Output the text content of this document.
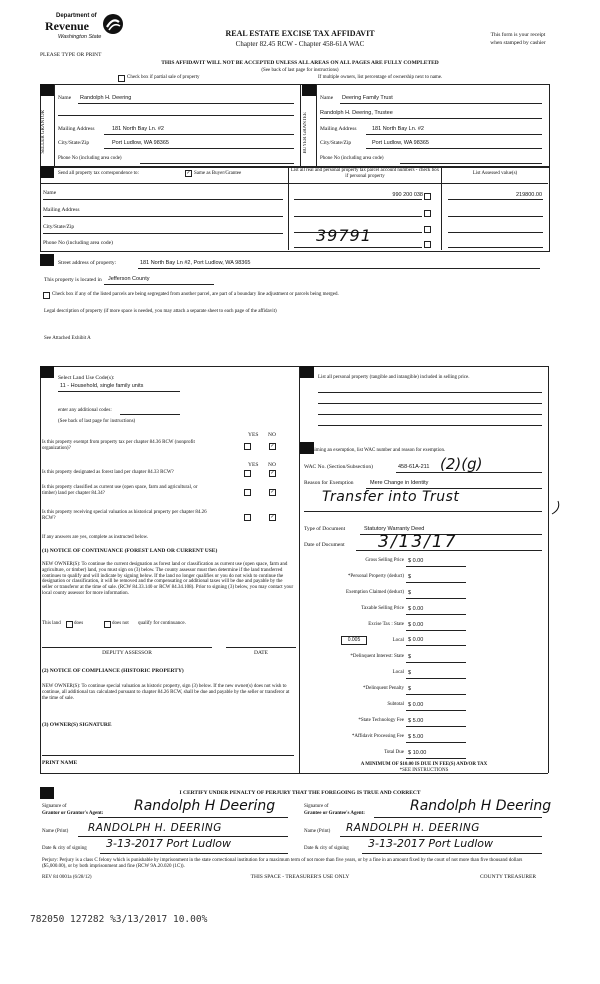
Department of
Revenue
Washington State	REAL ESTATE EXCISE TAX AFFIDAVIT
Chapter 82.45 RCW - Chapter 458-61A WAC
This form is your receipt
when stamped by cashier
PLEASE TYPE OR PRINT
THIS AFFIDAVIT WILL NOT BE ACCEPTED UNLESS ALL AREAS ON ALL PAGES ARE FULLY COMPLETED
(See back of last page for instructions)
Check box if partial sale of property	If multiple owners, list percentage of ownership next to name.
SELLER GRANTOR	BUYER GRANTEE
Name Randolph H. Deering
Mailing Address	181 North Bay Ln. #2
City/State/Zip	Port Ludlow, WA 98365
Phone No (including area code)
Name Deering Family Trust
Randolph H. Deering, Trustee
Mailing Address	181 North Bay Ln. #2
City/State/Zip	Port Ludlow, WA 98365
Phone No (including area code)
Send all property tax correspondence to:	✓ Same as Buyer/Grantee
List all real and personal property tax parcel account numbers - check box if personal property
List Assessed value(s)
Name
Mailing Address
City/State/Zip
Phone No (including area code)
990 200 038	219800.00
39791
Street address of property:	181 North Bay Ln #2, Port Ludlow, WA 98365
This property is located in Jefferson County
Check box if any of the listed parcels are being segregated from another parcel, are part of a boundary line adjustment or parcels being merged.
Legal description of property (if more space is needed, you may attach a separate sheet to each page of the affidavit)
See Attached Exhibit A
Select Land Use Code(s):
11 - Household, single family units
enter any additional codes:
(See back of last page for instructions)
YES NO
Is this property exempt from property tax per chapter 84.36 RCW (nonprofit organization)?	✓
YES NO
Is this property designated as forest land per chapter 84.33 RCW?	✓
Is this property classified as current use (open space, farm and agricultural, or timber) land per chapter 84.34?	✓
Is this property receiving special valuation as historical property per chapter 84.26 RCW?	✓
If any answers are yes, complete as instructed below.
(1) NOTICE OF CONTINUANCE (FOREST LAND OR CURRENT USE)
NEW OWNER(S): To continue the current designation as forest land or classification as current use (open space, farm and agriculture, or timber) land, you must sign on (3) below. The county assessor must then determine if the land transferred continues to qualify and will indicate by signing below. If the land no longer qualifies or you do not wish to continue the designation or classification, it will be removed and the compensating or additional taxes will be due and payable by the seller or transferor at the time of sale. (RCW 84.33.140 or RCW 84.34.108). Prior to signing (3) below, you may contact your local county assessor for more information.
This land	does	does not qualify for continuance.
DEPUTY ASSESSOR	DATE
(2) NOTICE OF COMPLIANCE (HISTORIC PROPERTY)
NEW OWNER(S): To continue special valuation as historic property, sign (3) below. If the new owner(s) does not wish to continue, all additional tax calculated pursuant to chapter 84.26 RCW, shall be due and payable by the seller or transferor at the time of sale.
(3) OWNER(S) SIGNATURE
PRINT NAME
List all personal property (tangible and intangible) included in selling price.
If claiming an exemption, list WAC number and reason for exemption.
WAC No. (Section/Subsection)	458-61A-211 (2)(g)
Reason for Exemption	Mere Change in Identity
Transfer into Trust
Type of Document	Statutory Warranty Deed
Date of Document 3/13/17
Gross Selling Price $ 0.00
*Personal Property (deduct) $
Exemption Claimed (deduct) $
Taxable Selling Price $ 0.00
Excise Tax : State $ 0.00
0.005	Local $ 0.00
*Delinquent Interest: State $
Local $
*Delinquent Penalty $
Subtotal $ 0.00
*State Technology Fee $ 5.00
*Affidavit Processing Fee $ 5.00
Total Due $ 10.00
A MINIMUM OF $10.00 IS DUE IN FEE(S) AND/OR TAX
*SEE INSTRUCTIONS
I CERTIFY UNDER PENALTY OF PERJURY THAT THE FOREGOING IS TRUE AND CORRECT
Signature of
Grantor or Grantor's Agent: Randolph H Deering
Name (Print) RANDOLPH H. DEERING
Date & city of signing 3-13-2017 Port Ludlow
Signature of
Grantee or Grantee's Agent:	Randolph H Deering
Name (Print) RANDOLPH H. DEERING
Date & city of signing 3-13-2017 Port Ludlow
Perjury: Perjury is a class C felony which is punishable by imprisonment in the state correctional institution for a maximum term of not more than five years, or by a fine in an amount fixed by the court of not more than five thousand dollars ($5,000.00), or by both imprisonment and fine (RCW 9A.20.020 (1C)).
REV 84 0001a (6/28/12)	THIS SPACE - TREASURER'S USE ONLY	COUNTY TREASURER
782050 127282 %3/13/2017 10.00%
